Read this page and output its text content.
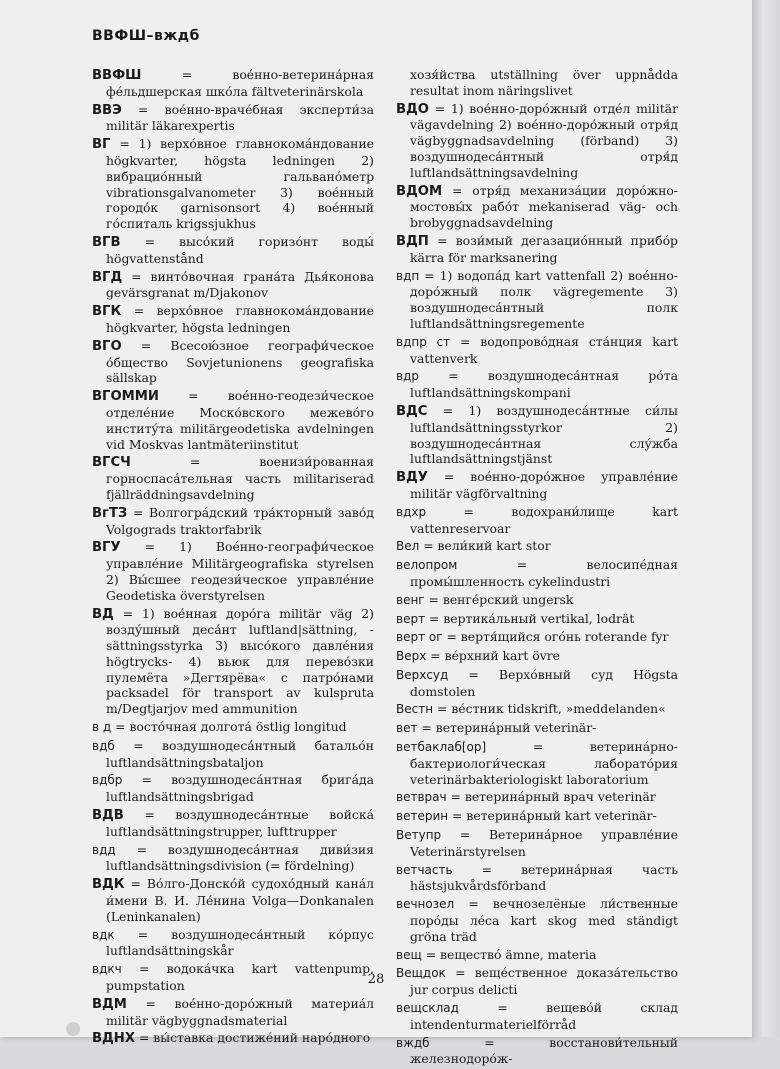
ВВФШ–вждб
ВВФШ = вое́нно-ветерина́рная фе́льдшерская шко́ла fältveterinärskola
ВВЭ = вое́нно-враче́бная эксперти́за militär läkarexpertis
ВГ = 1) верхо́вное главнокома́ндование högkvarter, högsta ledningen 2) вибрацио́нный гальвано́метр vibrationsgalvanometer 3) вое́нный городо́к garnisonsort 4) вое́нный го́спиталь krigssjukhus
ВГВ = высо́кий горизо́нт воды́ högvattenstånd
ВГД = винто́вочная грана́та Дья́конова gevärsgranat m/Djakonov
ВГК = верхо́вное главнокома́ндование högkvarter, högsta ledningen
ВГО = Всесою́зное географи́ческое о́бщество Sovjetunionens geografiska sällskap
ВГОММИ = вое́нно-геодези́ческое отделе́ние Моско́вского межево́го институ́та militärgeodetiska avdelningen vid Moskvas lantmäteriinstitut
ВГСЧ = военизи́рованная горноспаса́тельная часть militariserad fjällräddningsavdelning
ВгТЗ = Волгогра́дский тра́кторный заво́д Volgograds traktorfabrik
ВГУ = 1) Вое́нно-географи́ческое управле́ние Militärgeografiska styrelsen 2) Вы́сшее геодези́ческое управле́ние Geodetiska överstyrelsen
ВД = 1) вое́нная доро́га militär väg 2) возду́шный деса́нт luftland|sättning, -sättningsstyrka 3) высо́кого давле́ния högtrycks- 4) вьюк для перево́зки пулемёта »Дегтярёва« с патро́нами packsadel för transport av kulspruta m/Degtjarjov med ammunition
в д = восто́чная долгота́ östlig longitud
вдб = воздушнодеса́нтный батальо́н luftlandsättningsbataljon
вдбр = воздушнодеса́нтная брига́да luftlandsättningsbrigad
ВДВ = воздушнодеса́нтные войска́ luftlandsättningstrupper, lufttrupper
вдд = воздушнодеса́нтная диви́зия luftlandsättningsdivision (= fördelning)
ВДК = Во́лго-Донско́й судохо́дный кана́л и́мени В. И. Ле́нина Volga—Donkanalen (Leninkanalen)
вдк = воздушнодеса́нтный ко́рпус luftlandsättningskår
вдкч = водока́чка kart vattenpump, pumpstation
ВДМ = вое́нно-доро́жный материа́л militär vägbyggnadsmaterial
ВДНХ = вы́ставка достиже́ний наро́дного
хозя́йства utställning över uppnådda resultat inom näringslivet
ВДО = 1) вое́нно-доро́жный отде́л militär vägavdelning 2) вое́нно-доро́жный отря́д vägbyggnadsavdelning (förband) 3) воздушнодеса́нтный отря́д luftlandsättningsavdelning
ВДОМ = отря́д механиза́ции доро́жно-мостовы́х рабо́т mekaniserad väg- och brobyggnadsavdelning
ВДП = вози́мый дегазацио́нный прибо́р kärra för marksanering
вдп = 1) водопа́д kart vattenfall 2) вое́нно-доро́жный полк vägregemente 3) воздушнодеса́нтный полк luftlandsättningsregemente
вдпр ст = водопрово́дная ста́нция kart vattenverk
вдр = воздушнодеса́нтная ро́та luftlandsättningskompani
ВДС = 1) воздушнодеса́нтные си́лы luftlandsättningsstyrkor 2) воздушнодеса́нтная слу́жба luftlandsättningstjänst
ВДУ = вое́нно-доро́жное управле́ние militär vägförvaltning
вдхр = водохрани́лище kart vattenreservoar
Вел = вели́кий kart stor
велопром = велосипе́дная промы́шленность cykelindustri
венг = венге́рский ungersk
верт = вертика́льный vertikal, lodrät
верт ог = вертя́щийся ого́нь roterande fyr
Верх = ве́рхний kart övre
Верхсуд = Верхо́вный суд Högsta domstolen
Вестн = ве́стник tidskrift, »meddelanden«
вет = ветерина́рный veterinär-
ветбаклаб[ор] = ветерина́рно-бактериологи́ческая лаборато́рия veterinärbakteriologiskt laboratorium
ветврач = ветерина́рный врач veterinär
ветерин = ветерина́рный kart veterinär-
Ветупр = Ветерина́рное управле́ние Veterinärstyrelsen
ветчасть = ветерина́рная часть hästsjukvårdsförband
вечнозел = вечнозелёные ли́ственные поро́ды ле́са kart skog med ständigt gröna träd
вещ = веществó ämne, materia
Вещдок = веще́ственное доказа́тельство jur corpus delicti
вещсклад = вещево́й склад intendenturmaterielförråd
вждб = восстанови́тельный железнодоро́ж-
28
